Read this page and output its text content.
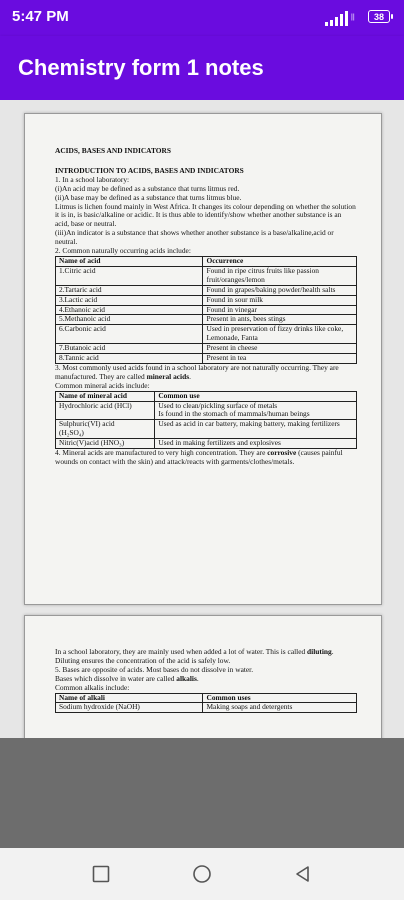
5:47 PM	||	38
Chemistry form 1 notes
ACIDS, BASES AND INDICATORS
INTRODUCTION TO ACIDS, BASES AND INDICATORS

1. In a school laboratory:

(i)An acid may be defined as a substance that turns litmus red.

(ii)A base may be defined as a substance that turns litmus blue.

Litmus is lichen found mainly in West Africa. It changes its colour depending on whether the solution it is in, is basic/alkaline or acidic. It is thus able to identify/show whether another substance is an acid, base or neutral.

(iii)An indicator is a substance that shows whether another substance is a base/alkaline,acid or neutral.

2. Common naturally occurring acids include:

Name of acid	Occurrence
1.Citric acid	Found in ripe citrus fruits like passion fruit/oranges/lemon
2.Tartaric acid	Found in grapes/baking powder/health salts
3.Lactic acid	Found in sour milk
4.Ethanoic acid	Found in vinegar
5.Methanoic acid	Present in ants, bees stings
6.Carbonic acid	Used in preservation of fizzy drinks like coke, Lemonade, Fanta
7.Butanoic acid	Present in cheese
8.Tannic acid	Present in tea

3. Most commonly used acids found in a school laboratory are not naturally occurring. They are manufactured. They are called mineral acids.

Common mineral acids include:

Name of mineral acid	Common use
Hydrochloric acid (HCl)	Used to clean/pickling surface of metals
Is found in the stomach of mammals/human beings
Sulphuric(VI) acid
(H₂SO₄)	Used as acid in car battery, making battery, making fertilizers
Nitric(V)acid (HNO₃)	Used in making fertilizers and explosives

4. Mineral acids are manufactured to very high concentration. They are corrosive (causes painful wounds on contact with the skin) and attack/reacts with garments/clothes/metals.

In a school laboratory, they are mainly used when added a lot of water. This is called diluting. Diluting ensures the concentration of the acid is safely low.

5. Bases are opposite of acids. Most bases do not dissolve in water.

Bases which dissolve in water are called alkalis.

Common alkalis include:

Name of alkali	Common uses
Sodium hydroxide (NaOH)	Making soaps and detergents
